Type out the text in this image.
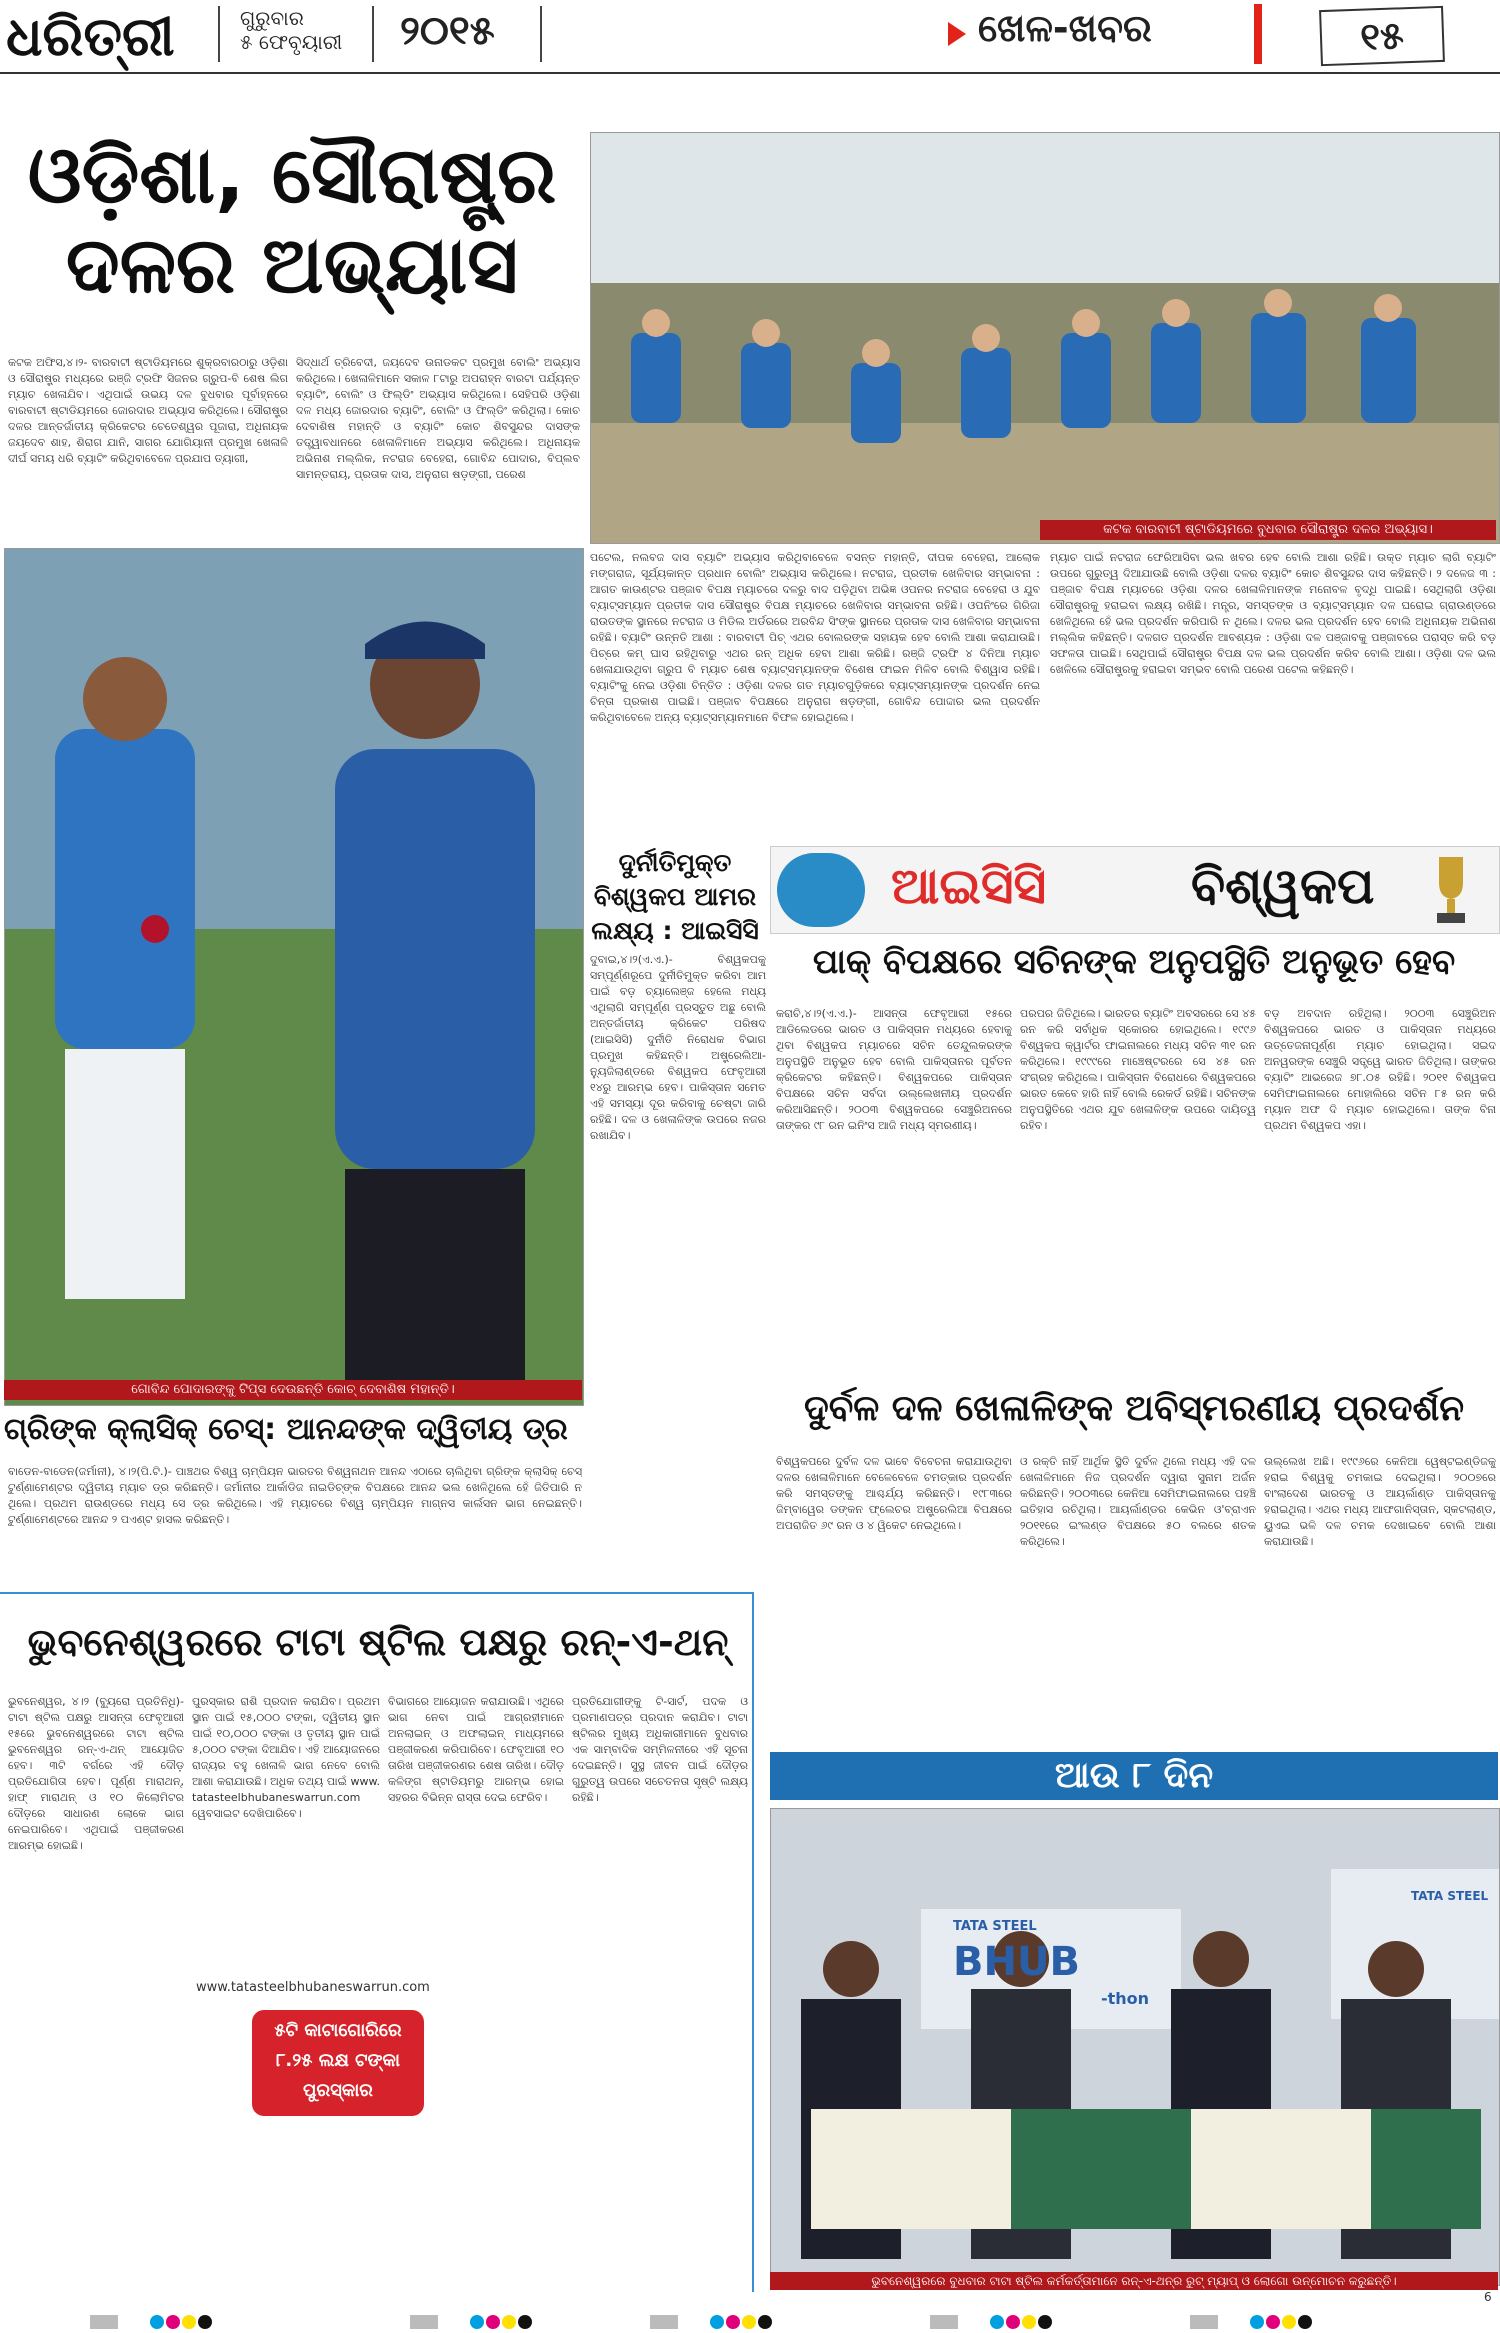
ଧରିତ୍ରୀ	ଗୁରୁବାର
୫ ଫେବୃୟାରୀ ୨୦୧୫	ଖେଳ-ଖବର	୧୫
ଓଡ଼ିଶା, ସୌରାଷ୍ଟ୍ର
ଦଳର ଅଭ୍ୟାସ
କଟକ ବାରବାଟୀ ଷ୍ଟାଡିୟମରେ ବୁଧବାର ସୌରାଷ୍ଟ୍ର ଦଳର ଅଭ୍ୟାସ।
କଟକ ଅଫିସ,୪।୨- ବାରବାଟୀ ଷ୍ଟାଡିୟମରେ ଶୁକ୍ରବାରଠାରୁ ଓଡ଼ିଶା ଓ ସୌରାଷ୍ଟ୍ର ମଧ୍ୟରେ ରଞ୍ଜି ଟ୍ରଫି ସିଜନର ଗ୍ରୁପ-ବି ଶେଷ ଲିଗ ମ୍ୟାଚ ଖେଳାଯିବ। ଏଥିପାଇଁ ଉଭୟ ଦଳ ବୁଧବାର ପୂର୍ବାହ୍ନରେ ବାରବାଟୀ ଷ୍ଟାଡିୟମରେ ଜୋରଦାର ଅଭ୍ୟାସ କରିଥିଲେ। ସୌରାଷ୍ଟ୍ର ଦଳର ଆନ୍ତର୍ଜାତୀୟ କ୍ରିକେଟର ଚେତେଶ୍ୱର ପୂଜାରା, ଅଧିନାୟକ ଜୟଦେବ ଶାହ, ଶିରାଗ ଯାନି, ସାଗର ଯୋଗିୟାନୀ ପ୍ରମୁଖ ଖେଳାଳି ଦୀର୍ଘ ସମୟ ଧରି ବ୍ୟାଟିଂ କରିଥିବାବେଳେ ପ୍ରଯାପ ତ୍ୟାଗୀ,
ସିଦ୍ଧାର୍ଥ ତ୍ରିବେଦୀ, ଜୟଦେବ ଉନାଡକଟ ପ୍ରମୁଖ ବୋଲିଂ ଅଭ୍ୟାସ କରିଥିଲେ। ଖେଳାଳିମାନେ ସକାଳ ୮ଟାରୁ ଅପରାହ୍ନ ବାରଟା ପର୍ଯ୍ୟନ୍ତ ବ୍ୟାଟିଂ, ବୋଲିଂ ଓ ଫିଲ୍ଡିଂ ଅଭ୍ୟାସ କରିଥିଲେ। ସେହିପରି ଓଡ଼ିଶା ଦଳ ମଧ୍ୟ ଜୋରଦାର ବ୍ୟାଟିଂ, ବୋଲିଂ ଓ ଫିଲ୍ଡିଂ କରିଥିଲା। କୋଚ ଦେବାଶିଷ ମହାନ୍ତି ଓ ବ୍ୟାଟିଂ କୋଚ ଶିବସୁନ୍ଦର ଦାସଙ୍କ ତତ୍ତ୍ୱାବଧାନରେ ଖେଳାଳିମାନେ ଅଭ୍ୟାସ କରିଥିଲେ। ଅଧିନାୟକ ଅଭିନାଶ ମଲ୍ଲିକ, ନଟରାଜ ବେହେରା, ଗୋବିନ୍ଦ ପୋଦାର, ବିପ୍ଲବ ସାମନ୍ତରାୟ, ପ୍ରତାକ ଦାସ, ଅନୁରାଗ ଷଡ଼ଙ୍ଗୀ, ପରେଶ
ପଟେଲ, ନଲବଜ ଦାସ ବ୍ୟାଟିଂ ଅଭ୍ୟାସ କରିଥିବାବେଳେ ବସନ୍ତ ମହାନ୍ତି, ଦୀପକ ବେହେରା, ଆଲୋକ ମଙ୍ଗରାଜ, ସୂର୍ଯ୍ୟକାନ୍ତ ପ୍ରଧାନ ବୋଲିଂ ଅଭ୍ୟାସ କରିଥିଲେ। ନଟରାଜ, ପ୍ରତୀକ ଖେଳିବାର ସମ୍ଭାବନା : ଆଗତ କାଉଣ୍ଟର ପଞ୍ଜାବ ବିପକ୍ଷ ମ୍ୟାଚରେ ଦଳରୁ ବାଦ ପଡ଼ିଥିବା ଅଭିଜ୍ଞ ଓପନର ନଟରାଜ ବେହେରା ଓ ଯୁବ ବ୍ୟାଟ୍ସମ୍ୟାନ ପ୍ରତୀକ ଦାସ ସୌରାଷ୍ଟ୍ର ବିପକ୍ଷ ମ୍ୟାଚରେ ଖେଳିବାର ସମ୍ଭାବନା ରହିଛି। ଓପନିଂରେ ଗିରିଜା ରାଉତଙ୍କ ସ୍ଥାନରେ ନଟରାଜ ଓ ମିଡିଲ ଅର୍ଡରରେ ଅରବିନ୍ଦ ସିଂଙ୍କ ସ୍ଥାନରେ ପ୍ରତାକ ଦାସ ଖେଳିବାର ସମ୍ଭାବନା ରହିଛି। ବ୍ୟାଟିଂ ଉନ୍ନତି ଆଶା : ବାରବାଟୀ ପିଚ୍ ଏଥର ବୋଲରଙ୍କ ସହାୟକ ହେବ ବୋଲି ଆଶା କରାଯାଉଛି। ପିଚ୍‌ରେ କମ୍ ଘାସ ରହିଥିବାରୁ ଏଥର ରନ୍ ଅଧିକ ହେବା ଆଶା କରିଛି। ରଞ୍ଜି ଟ୍ରଫି ୪ ଦିନିଆ ମ୍ୟାଚ ଖେଳାଯାଉଥିବା ଗ୍ରୁପ ବି ମ୍ୟାଚ ଶେଷ ବ୍ୟାଟ୍ସମ୍ୟାନଙ୍କ ବିଶେଷ ଫାଇନ ମିଳିବ ବୋଲି ବିଶ୍ୱାସ ରହିଛି। ବ୍ୟାଟିଂକୁ ନେଇ ଓଡ଼ିଶା ଚିନ୍ତିତ : ଓଡ଼ିଶା ଦଳର ଗତ ମ୍ୟାଚଗୁଡ଼ିକରେ ବ୍ୟାଟ୍ସମ୍ୟାନଙ୍କ ପ୍ରଦର୍ଶନ ନେଇ ଚିନ୍ତା ପ୍ରକାଶ ପାଇଛି। ପଞ୍ଜାବ ବିପକ୍ଷରେ ଅନୁରାଗ ଷଡ଼ଙ୍ଗୀ, ଗୋବିନ୍ଦ ପୋଦ୍ଦାର ଭଲ ପ୍ରଦର୍ଶନ କରିଥିବାବେଳେ ଅନ୍ୟ ବ୍ୟାଟ୍ସମ୍ୟାନମାନେ ବିଫଳ ହୋଇଥିଲେ।
ମ୍ୟାଚ ପାଇଁ ନଟରାଜ ଫେରିଆସିବା ଭଲ ଖବର ହେବ ବୋଲି ଆଶା ରହିଛି। ଉକ୍ତ ମ୍ୟାଚ ଲାଗି ବ୍ୟାଟିଂ ଉପରେ ଗୁରୁତ୍ୱ ଦିଆଯାଉଛି ବୋଲି ଓଡ଼ିଶା ଦଳର ବ୍ୟାଟିଂ କୋଚ ଶିବସୁନ୍ଦର ଦାସ କହିଛନ୍ତି। ୨ ଦଳେଜ ୩ : ପଞ୍ଜାବ ବିପକ୍ଷ ମ୍ୟାଚରେ ଓଡ଼ିଶା ଦଳର ଖେଳାଳିମାନଙ୍କ ମନୋବଳ ବୃଦ୍ଧି ପାଇଛି। ସେଥିଲାଗି ଓଡ଼ିଶା ସୌରାଷ୍ଟ୍ରକୁ ହରାଇବା ଲକ୍ଷ୍ୟ ରଖିଛି। ମନ୍ତ୍ର, ସମସ୍ତଙ୍କ ଓ ବ୍ୟାଟ୍ସମ୍ୟାନ ଦଳ ଘରୋଇ ଗ୍ରାଉଣ୍ଡରେ ଖେଳିଥିଲେ ହେଁ ଭଲ ପ୍ରଦର୍ଶନ କରିପାରି ନ ଥିଲେ। ଦଳର ଭଲ ପ୍ରଦର୍ଶନ ହେବ ବୋଲି ଅଧିନାୟକ ଅଭିନାଶ ମଲ୍ଲିକ କହିଛନ୍ତି। ଦଳଗତ ପ୍ରଦର୍ଶନ ଆବଶ୍ୟକ : ଓଡ଼ିଶା ଦଳ ପଞ୍ଜାବକୁ ପଞ୍ଜାବରେ ପରାସ୍ତ କରି ବଡ଼ ସଫଳତା ପାଇଛି। ସେଥିପାଇଁ ସୌରାଷ୍ଟ୍ର ବିପକ୍ଷ ଦଳ ଭଲ ପ୍ରଦର୍ଶନ କରିବ ବୋଲି ଆଶା। ଓଡ଼ିଶା ଦଳ ଭଲ ଖେଳିଲେ ସୌରାଷ୍ଟ୍ରକୁ ହରାଇବା ସମ୍ଭବ ବୋଲି ପରେଶ ପଟେଲ କହିଛନ୍ତି।
ଗୋବିନ୍ଦ ପୋଦାରଙ୍କୁ ଟିପ୍ସ ଦେଉଛନ୍ତି କୋଚ୍ ଦେବାଶିଷ ମହାନ୍ତି।
ଦୁର୍ନୀତିମୁକ୍ତ
ବିଶ୍ୱକପ ଆମର
ଲକ୍ଷ୍ୟ : ଆଇସିସି
ଦୁବାଇ,୪।୨(ଏ.ଏ.)- ବିଶ୍ୱକପକୁ ସମ୍ପୂର୍ଣ୍ଣରୂପେ ଦୁର୍ନୀତିମୁକ୍ତ କରିବା ଆମ ପାଇଁ ବଡ଼ ଚ୍ୟାଲେଞ୍ଜ ହେଲେ ମଧ୍ୟ ଏଥିଲାଗି ସମ୍ପୂର୍ଣ୍ଣ ପ୍ରସ୍ତୁତ ଅଛୁ ବୋଲି ଅନ୍ତର୍ଜାତୀୟ କ୍ରିକେଟ ପରିଷଦ (ଆଇସିସି) ଦୁର୍ନୀତି ନିରୋଧକ ବିଭାଗ ପ୍ରମୁଖ କହିଛନ୍ତି। ଅଷ୍ଟ୍ରେଲିଆ-ନ୍ୟୁଜିଲାଣ୍ଡରେ ବିଶ୍ୱକପ ଫେବୃଆରୀ ୧୪ରୁ ଆରମ୍ଭ ହେବ। ପାକିସ୍ତାନ ସମେତ ଏହି ସମସ୍ୟା ଦୂର କରିବାକୁ ଚେଷ୍ଟା ଜାରି ରହିଛି। ଦଳ ଓ ଖେଳାଳିଙ୍କ ଉପରେ ନଜର ରଖାଯିବ।
ଗ୍ରିଙ୍କ କ୍ଲାସିକ୍ ଚେସ୍: ଆନନ୍ଦଙ୍କ ଦ୍ୱିତୀୟ ଡ୍ର
ବାଡେନ-ବାଡେନ(ଜର୍ମାନୀ), ୪।୨(ପି.ଟି.)- ପାଞ୍ଚଥର ବିଶ୍ୱ ଚାମ୍ପିୟନ ଭାରତର ବିଶ୍ୱନାଥନ ଆନନ୍ଦ ଏଠାରେ ଚାଲିଥିବା ଗ୍ରିଙ୍କ କ୍ଲାସିକ୍ ଚେସ୍ ଟୁର୍ଣ୍ଣାମେଣ୍ଟର ଦ୍ୱିତୀୟ ମ୍ୟାଚ ଡ୍ର କରିଛନ୍ତି। ଜର୍ମାନୀର ଆର୍କାଡିଜ ନାଇଡିଚ୍‌ଙ୍କ ବିପକ୍ଷରେ ଆନନ୍ଦ ଭଲ ଖେଳିଥିଲେ ହେଁ ଜିତିପାରି ନ ଥିଲେ। ପ୍ରଥମ ରାଉଣ୍ଡରେ ମଧ୍ୟ ସେ ଡ୍ର କରିଥିଲେ। ଏହି ମ୍ୟାଚରେ ବିଶ୍ୱ ଚାମ୍ପିୟନ ମାଗ୍ନସ କାର୍ଲସନ ଭାଗ ନେଇଛନ୍ତି। ଟୁର୍ଣ୍ଣାମେଣ୍ଟରେ ଆନନ୍ଦ ୨ ପଏଣ୍ଟ ହାସଲ କରିଛନ୍ତି।
ଆଇସିସି	ବିଶ୍ୱକପ
ପାକ୍ ବିପକ୍ଷରେ ସଚିନଙ୍କ ଅନୁପସ୍ଥିତି ଅନୁଭୂତ ହେବ
କରାଚି,୪।୨(ଏ.ଏ.)- ଆସନ୍ତା ଫେବୃଆରୀ ୧୫ରେ ଆଡିଲେଡରେ ଭାରତ ଓ ପାକିସ୍ତାନ ମଧ୍ୟରେ ହେବାକୁ ଥିବା ବିଶ୍ୱକପ ମ୍ୟାଚରେ ସଚିନ ତେନ୍ଦୁଲକରଙ୍କ ଅନୁପସ୍ଥିତି ଅନୁଭୂତ ହେବ ବୋଲି ପାକିସ୍ତାନର ପୂର୍ବତନ କ୍ରିକେଟର କହିଛନ୍ତି। ବିଶ୍ୱକପରେ ପାକିସ୍ତାନ ବିପକ୍ଷରେ ସଚିନ ସର୍ବଦା ଉଲ୍ଲେଖନୀୟ ପ୍ରଦର୍ଶନ କରିଆସିଛନ୍ତି। ୨୦୦୩ ବିଶ୍ୱକପରେ ସେଞ୍ଚୁରିଅନରେ ତାଙ୍କର ୯୮ ରନ ଇନିଂସ ଆଜି ମଧ୍ୟ ସ୍ମରଣୀୟ।
ପରପର ଜିତିଥିଲେ। ଭାରତର ବ୍ୟାଟିଂ ଅବସରରେ ସେ ୪୫ ରନ କରି ସର୍ବାଧିକ ସ୍କୋରର ହୋଇଥିଲେ। ୧୯୯୬ ବିଶ୍ୱକପ କ୍ୱାର୍ଟର ଫାଇନାଲରେ ମଧ୍ୟ ସଚିନ ୩୧ ରନ କରିଥିଲେ। ୧୯୯୯ରେ ମାଞ୍ଚେଷ୍ଟରରେ ସେ ୪୫ ରନ ସଂଗ୍ରହ କରିଥିଲେ। ପାକିସ୍ତାନ ବିରୋଧରେ ବିଶ୍ୱକପରେ ଭାରତ କେବେ ହାରି ନାହିଁ ବୋଲି ରେକର୍ଡ ରହିଛି। ସଚିନଙ୍କ ଅନୁପସ୍ଥିତିରେ ଏଥର ଯୁବ ଖେଳାଳିଙ୍କ ଉପରେ ଦାୟିତ୍ୱ ରହିବ।
ବଡ଼ ଅବଦାନ ରହିଥିଲା। ୨୦୦୩ ସେଞ୍ଚୁରିଅନ ବିଶ୍ୱକପରେ ଭାରତ ଓ ପାକିସ୍ତାନ ମଧ୍ୟରେ ଉତ୍ତେଜନାପୂର୍ଣ୍ଣ ମ୍ୟାଚ ହୋଇଥିଲା। ସଇଦ ଅନୱରଙ୍କ ସେଞ୍ଚୁରି ସତ୍ତ୍ୱେ ଭାରତ ଜିତିଥିଲା। ତାଙ୍କର ବ୍ୟାଟିଂ ଆଭରେଜ ୭୮.୦୫ ରହିଛି। ୨୦୧୧ ବିଶ୍ୱକପ ସେମିଫାଇନାଲରେ ମୋହାଲିରେ ସଚିନ ୮୫ ରନ କରି ମ୍ୟାନ ଅଫ ଦି ମ୍ୟାଚ ହୋଇଥିଲେ। ତାଙ୍କ ବିନା ପ୍ରଥମ ବିଶ୍ୱକପ ଏହା।
ଦୁର୍ବଳ ଦଳ ଖେଳାଳିଙ୍କ ଅବିସ୍ମରଣୀୟ ପ୍ରଦର୍ଶନ
ବିଶ୍ୱକପରେ ଦୁର୍ବଳ ଦଳ ଭାବେ ବିବେଚନା କରାଯାଉଥିବା ଦଳର ଖେଳାଳିମାନେ ବେଳେବେଳେ ଚମତ୍କାର ପ୍ରଦର୍ଶନ କରି ସମସ୍ତଙ୍କୁ ଆଶ୍ଚର୍ଯ୍ୟ କରିଛନ୍ତି। ୧୯୮୩ରେ ଜିମ୍ବାୱେର ଡଙ୍କନ ଫ୍ଲେଚର ଅଷ୍ଟ୍ରେଲିଆ ବିପକ୍ଷରେ ଅପରାଜିତ ୬୯ ରନ ଓ ୪ ୱିକେଟ ନେଇଥିଲେ।
ଓ ରକ୍ତି ନାହିଁ ଆର୍ଥିକ ସ୍ଥିତି ଦୁର୍ବଳ ଥିଲେ ମଧ୍ୟ ଏହି ଦଳ ଖେଳାଳିମାନେ ନିଜ ପ୍ରଦର୍ଶନ ଦ୍ୱାରା ସୁନାମ ଅର୍ଜନ କରିଛନ୍ତି। ୨୦୦୩ରେ କେନିଆ ସେମିଫାଇନାଲରେ ପହଞ୍ଚି ଇତିହାସ ରଚିଥିଲା। ଆୟର୍ଲାଣ୍ଡର କେଭିନ ଓ'ବ୍ରାଏନ ୨୦୧୧ରେ ଇଂଲଣ୍ଡ ବିପକ୍ଷରେ ୫୦ ବଲରେ ଶତକ କରିଥିଲେ।
ଉଲ୍ଲେଖ ଅଛି। ୧୯୯୬ରେ କେନିଆ ୱେଷ୍ଟଇଣ୍ଡିଜକୁ ହରାଇ ବିଶ୍ୱକୁ ଚମକାଇ ଦେଇଥିଲା। ୨୦୦୭ରେ ବାଂଲାଦେଶ ଭାରତକୁ ଓ ଆୟର୍ଲାଣ୍ଡ ପାକିସ୍ତାନକୁ ହରାଇଥିଲା। ଏଥର ମଧ୍ୟ ଆଫଗାନିସ୍ତାନ, ସ୍କଟଲାଣ୍ଡ, ୟୁଏଇ ଭଳି ଦଳ ଚମକ ଦେଖାଇବେ ବୋଲି ଆଶା କରାଯାଉଛି।
ଆଉ ୮ ଦିନ
ଭୁବନେଶ୍ୱରରେ ଟାଟା ଷ୍ଟିଲ ପକ୍ଷରୁ ରନ୍-ଏ-ଥନ୍
ଭୁବନେଶ୍ୱର, ୪।୨ (ବ୍ୟୁରୋ ପ୍ରତିନିଧି)- ଟାଟା ଷ୍ଟିଲ ପକ୍ଷରୁ ଆସନ୍ତା ଫେବୃଆରୀ ୧୫ରେ ଭୁବନେଶ୍ୱରରେ ଟାଟା ଷ୍ଟିଲ ଭୁବନେଶ୍ୱର ରନ୍-ଏ-ଥନ୍ ଆୟୋଜିତ ହେବ। ୩ଟି ବର୍ଗରେ ଏହି ଦୌଡ଼ ପ୍ରତିଯୋଗିତା ହେବ। ପୂର୍ଣ୍ଣ ମାରାଥନ୍, ହାଫ୍ ମାରାଥନ୍ ଓ ୧୦ କିଲୋମିଟର ଦୌଡ଼ରେ ସାଧାରଣ ଲୋକେ ଭାଗ ନେଇପାରିବେ। ଏଥିପାଇଁ ପଞ୍ଜୀକରଣ ଆରମ୍ଭ ହୋଇଛି।
ପୁରସ୍କାର ରାଶି ପ୍ରଦାନ କରାଯିବ। ପ୍ରଥମ ସ୍ଥାନ ପାଇଁ ୧୫,୦୦୦ ଟଙ୍କା, ଦ୍ୱିତୀୟ ସ୍ଥାନ ପାଇଁ ୧୦,୦୦୦ ଟଙ୍କା ଓ ତୃତୀୟ ସ୍ଥାନ ପାଇଁ ୫,୦୦୦ ଟଙ୍କା ଦିଆଯିବ। ଏହି ଆୟୋଜନରେ ରାଜ୍ୟର ବହୁ ଖେଳାଳି ଭାଗ ନେବେ ବୋଲି ଆଶା କରାଯାଉଛି। ଅଧିକ ତଥ୍ୟ ପାଇଁ www. tatasteelbhubaneswarrun.com ୱେବସାଇଟ ଦେଖିପାରିବେ।
ବିଭାଗରେ ଆୟୋଜନ କରାଯାଉଛି। ଏଥିରେ ଭାଗ ନେବା ପାଇଁ ଆଗ୍ରହୀମାନେ ଅନଲାଇନ୍ ଓ ଅଫଲାଇନ୍ ମାଧ୍ୟମରେ ପଞ୍ଜୀକରଣ କରିପାରିବେ। ଫେବୃଆରୀ ୧୦ ତାରିଖ ପଞ୍ଜୀକରଣର ଶେଷ ତାରିଖ। ଦୌଡ଼ କଳିଙ୍ଗ ଷ୍ଟାଡିୟମରୁ ଆରମ୍ଭ ହୋଇ ସହରର ବିଭିନ୍ନ ରାସ୍ତା ଦେଇ ଫେରିବ।
ପ୍ରତିଯୋଗୀଙ୍କୁ ଟି-ସାର୍ଟ, ପଦକ ଓ ପ୍ରମାଣପତ୍ର ପ୍ରଦାନ କରାଯିବ। ଟାଟା ଷ୍ଟିଲର ମୁଖ୍ୟ ଅଧିକାରୀମାନେ ବୁଧବାର ଏକ ସାମ୍ବାଦିକ ସମ୍ମିଳନୀରେ ଏହି ସୂଚନା ଦେଇଛନ୍ତି। ସୁସ୍ଥ ଜୀବନ ପାଇଁ ଦୌଡ଼ର ଗୁରୁତ୍ୱ ଉପରେ ସଚେତନତା ସୃଷ୍ଟି ଲକ୍ଷ୍ୟ ରହିଛି।
www.tatasteelbhubaneswarrun.com
୫ଟି କାଟାଗୋରିରେ
୮.୨୫ ଲକ୍ଷ ଟଙ୍କା
ପୁରସ୍କାର
TATA STEEL
BHUB
-thon
TATA STEEL
ଭୁବନେଶ୍ୱରରେ ବୁଧବାର ଟାଟା ଷ୍ଟିଲ କର୍ମକର୍ତ୍ତାମାନେ ରନ୍-ଏ-ଥନ୍‌ର ରୁଟ୍ ମ୍ୟାପ୍ ଓ ଲୋଗୋ ଉନ୍ମୋଚନ କରୁଛନ୍ତି।
6
